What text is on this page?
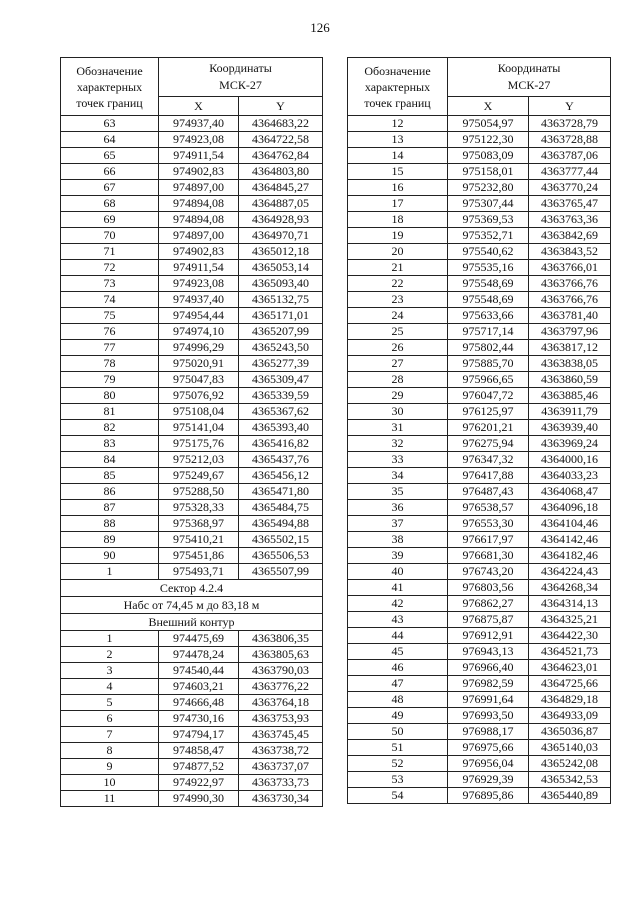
126
Обозначение характерных точек границ	Координаты
МСК-27	

	X	Y
63	974937,40	4364683,22
64	974923,08	4364722,58
65	974911,54	4364762,84
66	974902,83	4364803,80
67	974897,00	4364845,27
68	974894,08	4364887,05
69	974894,08	4364928,93
70	974897,00	4364970,71
71	974902,83	4365012,18
72	974911,54	4365053,14
73	974923,08	4365093,40
74	974937,40	4365132,75
75	974954,44	4365171,01
76	974974,10	4365207,99
77	974996,29	4365243,50
78	975020,91	4365277,39
79	975047,83	4365309,47
80	975076,92	4365339,59
81	975108,04	4365367,62
82	975141,04	4365393,40
83	975175,76	4365416,82
84	975212,03	4365437,76
85	975249,67	4365456,12
86	975288,50	4365471,80
87	975328,33	4365484,75
88	975368,97	4365494,88
89	975410,21	4365502,15
90	975451,86	4365506,53
1	975493,71	4365507,99
Сектор 4.2.4		
Набс от 74,45 м до 83,18 м		
Внешний контур		
1	974475,69	4363806,35
2	974478,24	4363805,63
3	974540,44	4363790,03
4	974603,21	4363776,22
5	974666,48	4363764,18
6	974730,16	4363753,93
7	974794,17	4363745,45
8	974858,47	4363738,72
9	974877,52	4363737,07
10	974922,97	4363733,73
11	974990,30	4363730,34
Обозначение характерных точек границ	Координаты
МСК-27	

	X	Y
12	975054,97	4363728,79
13	975122,30	4363728,88
14	975083,09	4363787,06
15	975158,01	4363777,44
16	975232,80	4363770,24
17	975307,44	4363765,47
18	975369,53	4363763,36
19	975352,71	4363842,69
20	975540,62	4363843,52
21	975535,16	4363766,01
22	975548,69	4363766,76
23	975548,69	4363766,76
24	975633,66	4363781,40
25	975717,14	4363797,96
26	975802,44	4363817,12
27	975885,70	4363838,05
28	975966,65	4363860,59
29	976047,72	4363885,46
30	976125,97	4363911,79
31	976201,21	4363939,40
32	976275,94	4363969,24
33	976347,32	4364000,16
34	976417,88	4364033,23
35	976487,43	4364068,47
36	976538,57	4364096,18
37	976553,30	4364104,46
38	976617,97	4364142,46
39	976681,30	4364182,46
40	976743,20	4364224,43
41	976803,56	4364268,34
42	976862,27	4364314,13
43	976875,87	4364325,21
44	976912,91	4364422,30
45	976943,13	4364521,73
46	976966,40	4364623,01
47	976982,59	4364725,66
48	976991,64	4364829,18
49	976993,50	4364933,09
50	976988,17	4365036,87
51	976975,66	4365140,03
52	976956,04	4365242,08
53	976929,39	4365342,53
54	976895,86	4365440,89
